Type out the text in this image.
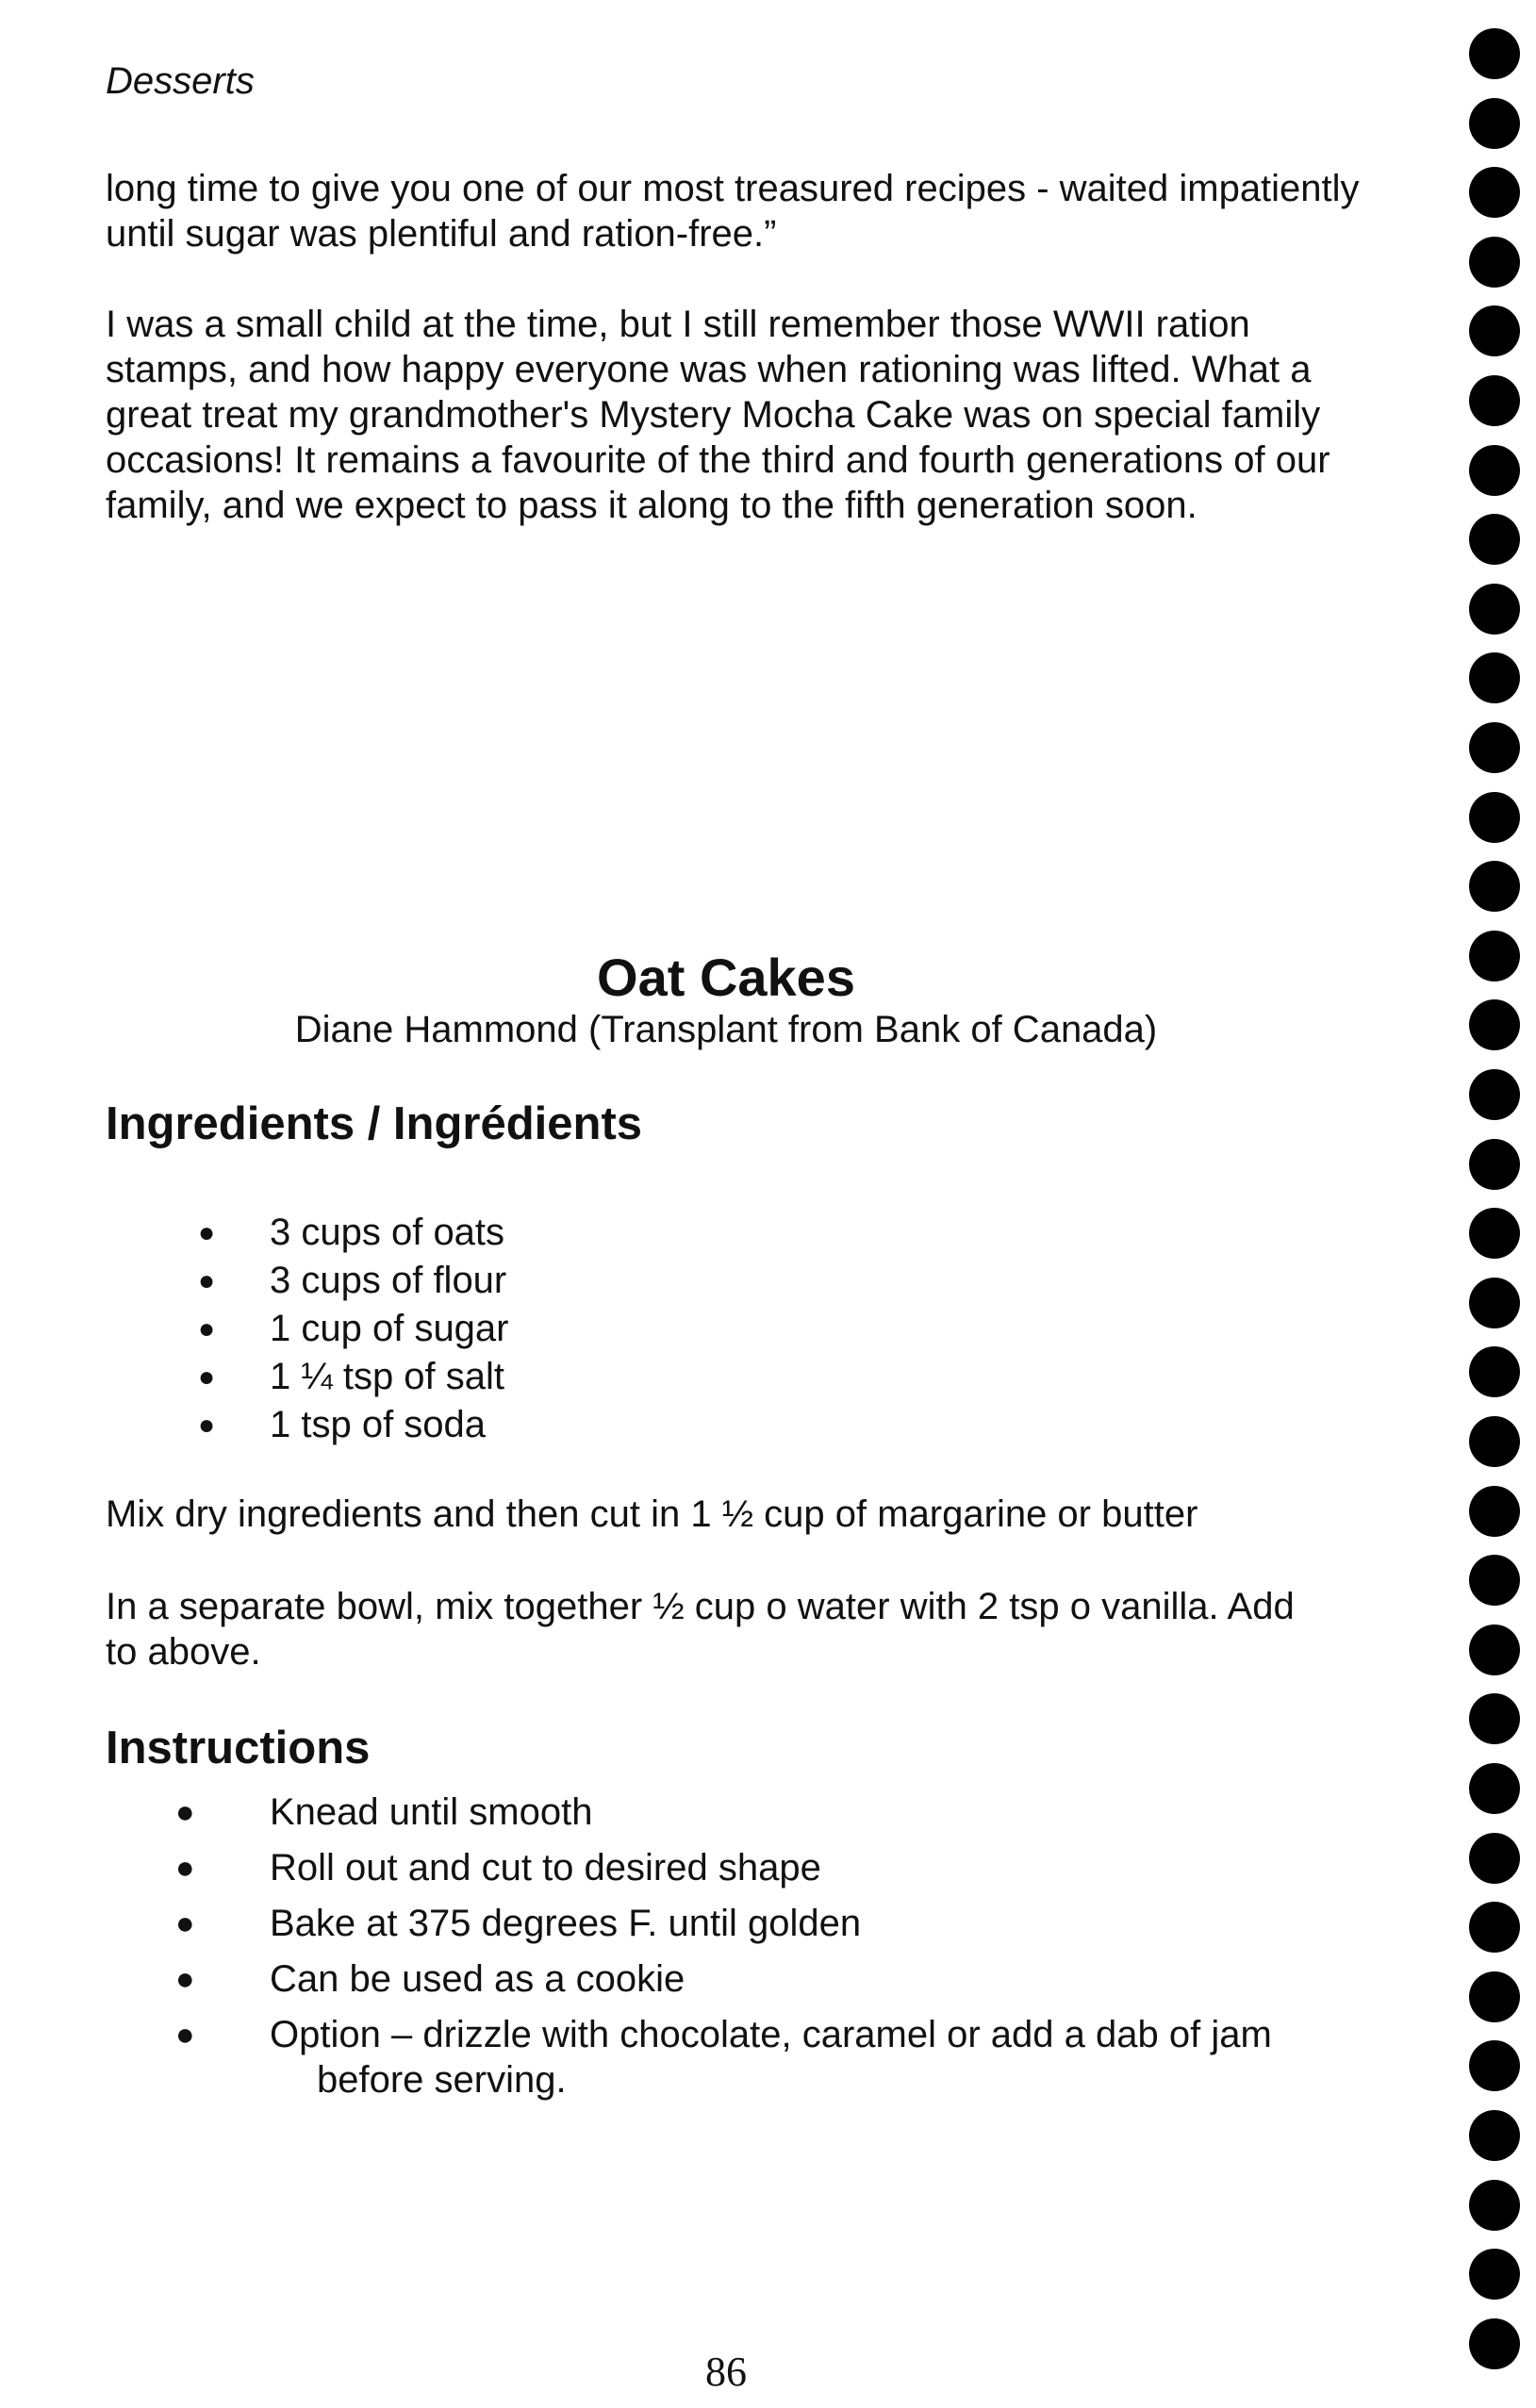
Desserts

long time to give you one of our most treasured recipes - waited impatiently until sugar was plentiful and ration-free.”

I was a small child at the time, but I still remember those WWII ration stamps, and how happy everyone was when rationing was lifted. What a great treat my grandmother's Mystery Mocha Cake was on special family occasions! It remains a favourite of the third and fourth generations of our family, and we expect to pass it along to the fifth generation soon.

Oat Cakes

Diane Hammond (Transplant from Bank of Canada)

Ingredients / Ingrédients
● 3 cups of oats
● 3 cups of flour
● 1 cup of sugar
● 1 ¼ tsp of salt
● 1 tsp of soda

Mix dry ingredients and then cut in 1 ½ cup of margarine or butter

In a separate bowl, mix together ½ cup o water with 2 tsp o vanilla. Add to above.

Instructions
● Knead until smooth
● Roll out and cut to desired shape
● Bake at 375 degrees F. until golden
● Can be used as a cookie
● Option – drizzle with chocolate, caramel or add a dab of jam
before serving.

86
